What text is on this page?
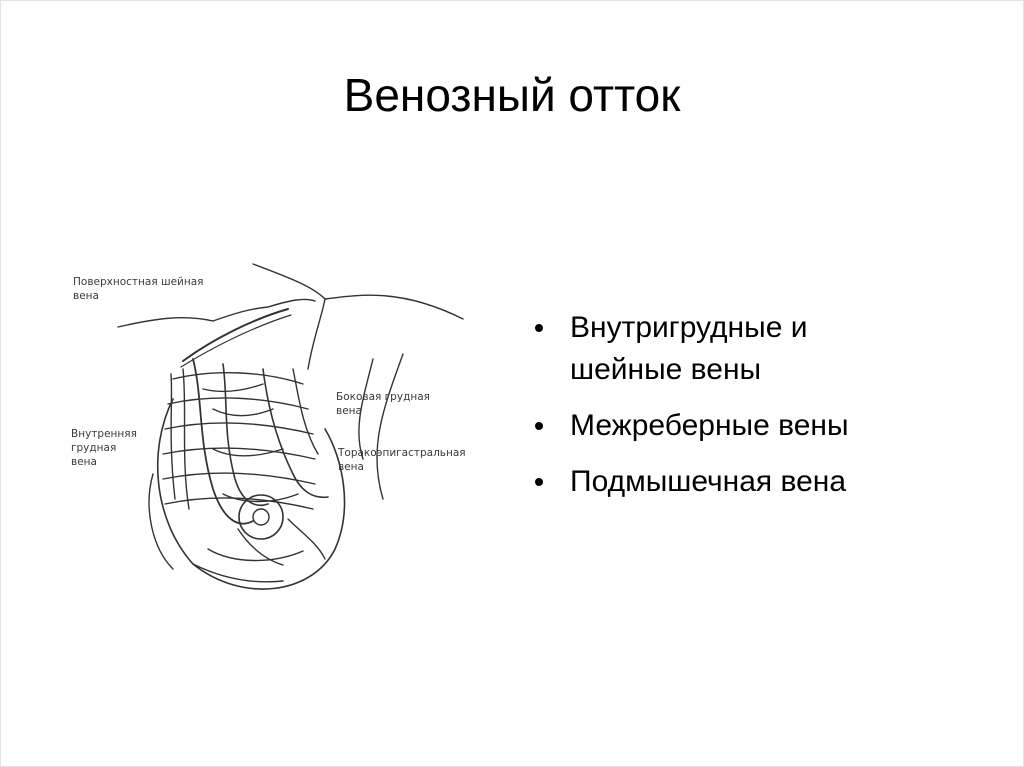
Венозный отток
Поверхностная шейная
вена
Внутренняя
грудная
вена
Боковая грудная
вена
Торакоэпигастральная
вена
Внутригрудные и шейные вены
Межреберные вены
Подмышечная вена
